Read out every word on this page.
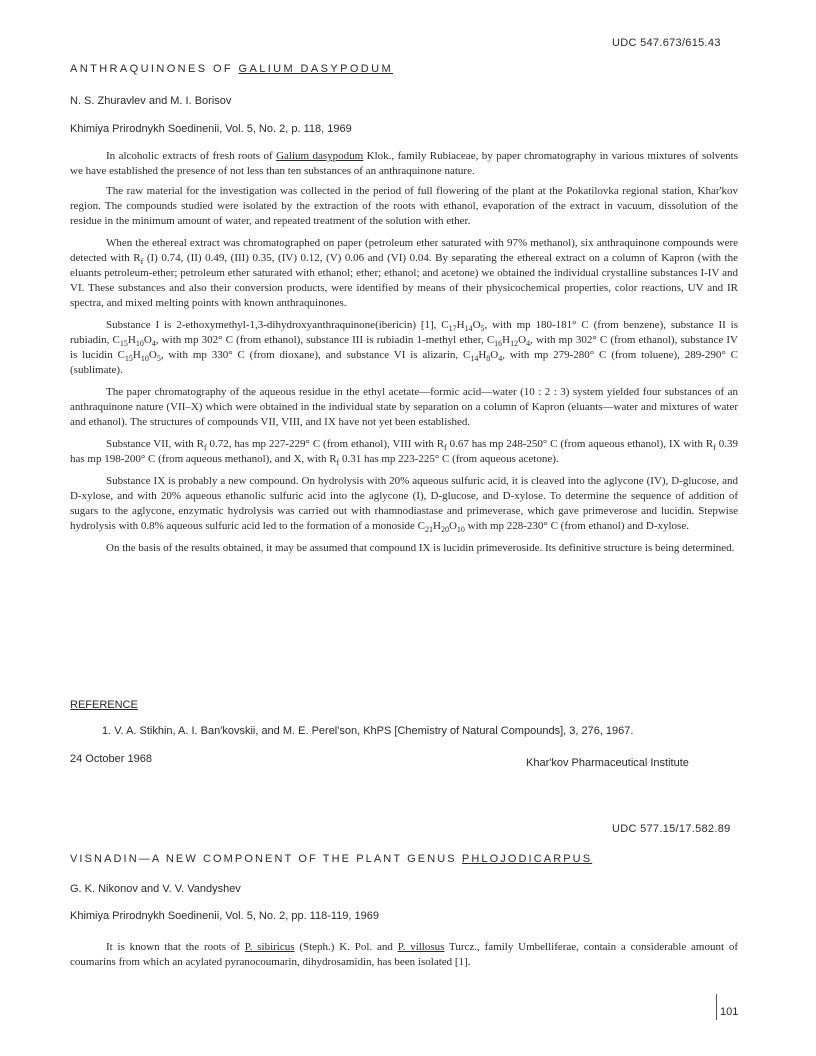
UDC 547.673/615.43
ANTHRAQUINONES OF GALIUM DASYPODUM
N. S. Zhuravlev and M. I. Borisov
Khimiya Prirodnykh Soedinenii, Vol. 5, No. 2, p. 118, 1969

In alcoholic extracts of fresh roots of Galium dasypodum Klok., family Rubiaceae, by paper chromatography in various mixtures of solvents we have established the presence of not less than ten substances of an anthraquinone nature.

The raw material for the investigation was collected in the period of full flowering of the plant at the Pokatilovka regional station, Khar'kov region. The compounds studied were isolated by the extraction of the roots with ethanol, evaporation of the extract in vacuum, dissolution of the residue in the minimum amount of water, and repeated treatment of the solution with ether.

When the ethereal extract was chromatographed on paper (petroleum ether saturated with 97% methanol), six anthraquinone compounds were detected with $R_f$ (I) 0.74, (II) 0.49, (III) 0.35, (IV) 0.12, (V) 0.06 and (VI) 0.04. By separating the ethereal extract on a column of Kapron (with the eluants petroleum-ether; petroleum ether saturated with ethanol; ether; ethanol; and acetone) we obtained the individual crystalline substances I-IV and VI. These substances and also their conversion products, were identified by means of their physicochemical properties, color reactions, UV and IR spectra, and mixed melting points with known anthraquinones.

Substance I is 2-ethoxymethyl-1,3-dihydroxyanthraquinone(ibericin) [1], $C_{17}H_{14}O_5$, with mp 180-181° C (from benzene), substance II is rubiadin, $C_{15}H_{10}O_4$, with mp 302° C (from ethanol), substance III is rubiadin 1-methyl ether, $C_{16}H_{12}O_4$, with mp 302° C (from ethanol), substance IV is lucidin $C_{15}H_{10}O_5$, with mp 330° C (from dioxane), and substance VI is alizarin, $C_{14}H_8O_4$, with mp 279-280° C (from toluene), 289-290° C (sublimate).

The paper chromatography of the aqueous residue in the ethyl acetate—formic acid—water (10 : 2 : 3) system yielded four substances of an anthraquinone nature (VII–X) which were obtained in the individual state by separation on a column of Kapron (eluants—water and mixtures of water and ethanol). The structures of compounds VII, VIII, and IX have not yet been established.

Substance VII, with $R_f$ 0.72, has mp 227-229° C (from ethanol), VIII with $R_f$ 0.67 has mp 248-250° C (from aqueous ethanol), IX with $R_f$ 0.39 has mp 198-200° C (from aqueous methanol), and X, with $R_f$ 0.31 has mp 223-225° C (from aqueous acetone).

Substance IX is probably a new compound. On hydrolysis with 20% aqueous sulfuric acid, it is cleaved into the aglycone (IV), D-glucose, and D-xylose, and with 20% aqueous ethanolic sulfuric acid into the aglycone (I), D-glucose, and D-xylose. To determine the sequence of addition of sugars to the aglycone, enzymatic hydrolysis was carried out with rhamnodiastase and primeverase, which gave primeverose and lucidin. Stepwise hydrolysis with 0.8% aqueous sulfuric acid led to the formation of a monoside $C_{21}H_{20}O_{10}$ with mp 228-230° C (from ethanol) and D-xylose.

On the basis of the results obtained, it may be assumed that compound IX is lucidin primeveroside. Its definitive structure is being determined.

REFERENCE
1. V. A. Stikhin, A. I. Ban'kovskii, and M. E. Perel'son, KhPS [Chemistry of Natural Compounds], 3, 276, 1967.
24 October 1968	Khar'kov Pharmaceutical Institute
UDC 577.15/17.582.89
VISNADIN—A NEW COMPONENT OF THE PLANT GENUS PHLOJODICARPUS
G. K. Nikonov and V. V. Vandyshev
Khimiya Prirodnykh Soedinenii, Vol. 5, No. 2, pp. 118-119, 1969

It is known that the roots of P. sibiricus (Steph.) K. Pol. and P. villosus Turcz., family Umbelliferae, contain a considerable amount of coumarins from which an acylated pyranocoumarin, dihydrosamidin, has been isolated [1].

101
